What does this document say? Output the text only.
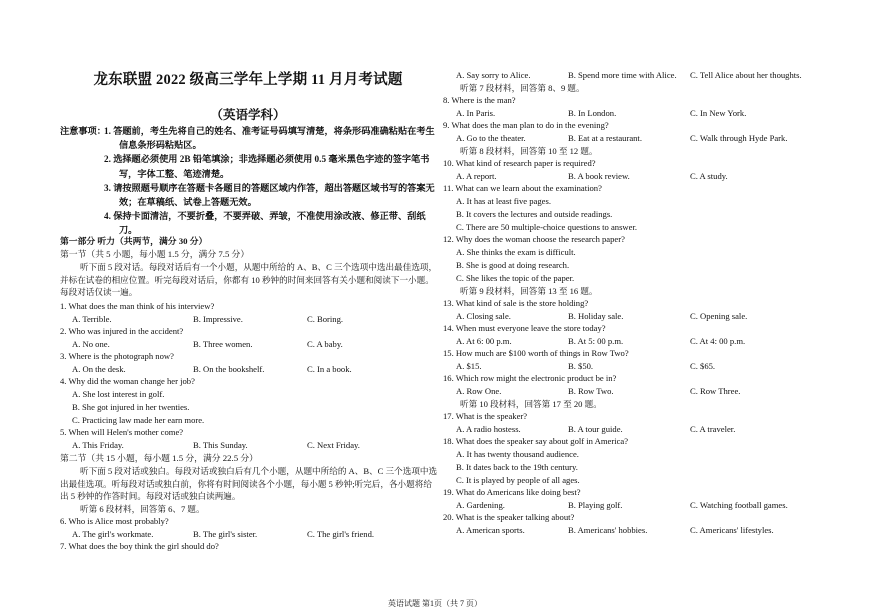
龙东联盟 2022 级高三学年上学期 11 月月考试题
（英语学科）
注意事项：
1. 答题前，考生先将自己的姓名、准考证号码填写清楚，将条形码准确粘贴在考生信息条形码粘贴区。
2. 选择题必须使用 2B 铅笔填涂；非选择题必须使用 0.5 毫米黑色字迹的签字笔书写，字体工整、笔迹清楚。
3. 请按照题号顺序在答题卡各题目的答题区域内作答，超出答题区域书写的答案无效；在草稿纸、试卷上答题无效。
4. 保持卡面清洁，不要折叠，不要弄破、弄皱，不准使用涂改液、修正带、刮纸刀。
第一部分 听力（共两节，满分 30 分）
第一节（共 5 小题，每小题 1.5 分，满分 7.5 分）
听下面 5 段对话。每段对话后有一个小题，从题中所给的 A、B、C 三个选项中选出最佳选项，并标在试卷的相应位置。听完每段对话后，你都有 10 秒钟的时间来回答有关小题和阅读下一小题。每段对话仅读一遍。
1. What does the man think of his interview?
A. Terrible.	B. Impressive.	C. Boring.
2. Who was injured in the accident?
A. No one.	B. Three women.	C. A baby.
3. Where is the photograph now?
A. On the desk.	B. On the bookshelf.	C. In a book.
4. Why did the woman change her job?
A. She lost interest in golf.
B. She got injured in her twenties.
C. Practicing law made her earn more.
5. When will Helen's mother come?
A. This Friday.	B. This Sunday.	C. Next Friday.
第二节（共 15 小题，每小题 1.5 分，满分 22.5 分）
听下面 5 段对话或独白。每段对话或独白后有几个小题，从题中所给的 A、B、C 三个选项中选出最佳选项。听每段对话或独白前，你将有时间阅读各个小题，每小题 5 秒钟;听完后，各小题将给出 5 秒钟的作答时间。每段对话或独白读两遍。
听第 6 段材料，回答第 6、7 题。
6. Who is Alice most probably?
A. The girl's workmate.	B. The girl's sister.	C. The girl's friend.
7. What does the boy think the girl should do?
A. Say sorry to Alice.	B. Spend more time with Alice. C. Tell Alice about her thoughts.
听第 7 段材料，回答第 8、9 题。
8. Where is the man?
A. In Paris.	B. In London.	C. In New York.
9. What does the man plan to do in the evening?
A. Go to the theater.	B. Eat at a restaurant.	C. Walk through Hyde Park.
听第 8 段材料，回答第 10 至 12 题。
10. What kind of research paper is required?
A. A report.	B. A book review.	C. A study.
11. What can we learn about the examination?
A. It has at least five pages.
B. It covers the lectures and outside readings.
C. There are 50 multiple-choice questions to answer.
12. Why does the woman choose the research paper?
A. She thinks the exam is difficult.
B. She is good at doing research.
C. She likes the topic of the paper.
听第 9 段材料，回答第 13 至 16 题。
13. What kind of sale is the store holding?
A. Closing sale.	B. Holiday sale.	C. Opening sale.
14. When must everyone leave the store today?
A. At 6: 00 p.m.	B. At 5: 00 p.m.	C. At 4: 00 p.m.
15. How much are $100 worth of things in Row Two?
A. $15.	B. $50.	C. $65.
16. Which row might the electronic product be in?
A. Row One.	B. Row Two.	C. Row Three.
听第 10 段材料，回答第 17 至 20 题。
17. What is the speaker?
A. A radio hostess.	B. A tour guide.	C. A traveler.
18. What does the speaker say about golf in America?
A. It has twenty thousand audience.
B. It dates back to the 19th century.
C. It is played by people of all ages.
19. What do Americans like doing best?
A. Gardening.	B. Playing golf.	C. Watching football games.
20. What is the speaker talking about?
A. American sports.	B. Americans' hobbies.	C. Americans' lifestyles.
英语试题 第1页（共 7 页）
